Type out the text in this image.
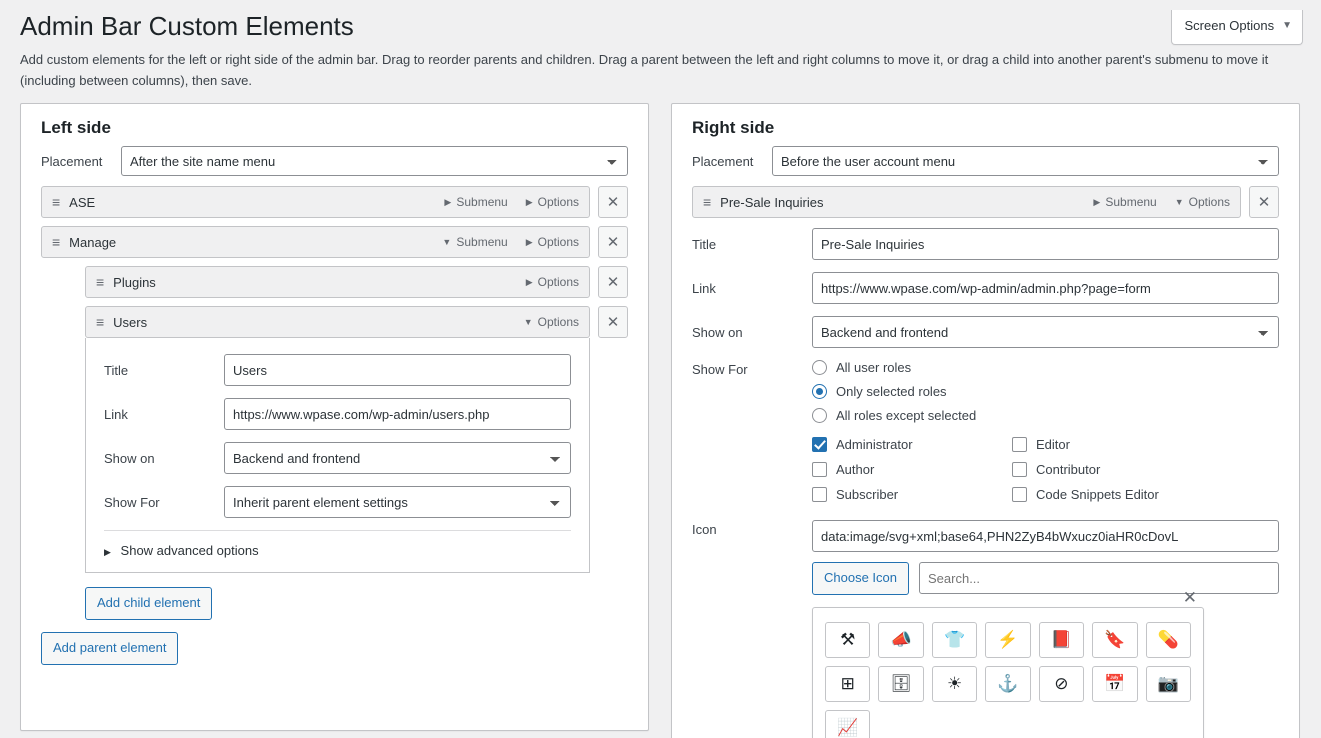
Screen Options ▼
Admin Bar Custom Elements

Add custom elements for the left or right side of the admin bar. Drag to reorder parents and children. Drag a parent between the left and right columns to move it, or drag a child into another parent's submenu to move it (including between columns), then save.

Left side
Placement
After the site name menu
≡ ASE	▶ Submenu ▶ Options ✕
≡ Manage	▼ Submenu ▶ Options ✕
≡ Plugins	▶ Options ✕
≡ Users	▼ Options ✕
Title
Users
Link
https://www.wpase.com/wp-admin/users.php
Show on
Backend and frontend
Show For
Inherit parent element settings
▶ Show advanced options
Add child element
Add parent element
Right side
Placement
Before the user account menu
≡ Pre-Sale Inquiries	▶ Submenu ▼ Options ✕
Title
Pre-Sale Inquiries
Link
https://www.wpase.com/wp-admin/admin.php?page=form
Show on
Backend and frontend
Show For	All user roles
Only selected roles
All roles except selected
Administrator	Editor
Author	Contributor
Subscriber	Code Snippets Editor
Icon
data:image/svg+xml;base64,PHN2ZyB4bWxucz0iaHR0cDovL
Choose Icon
Search...
✕
⚒	📣	👕	⚡	📕	🔖	💊
⊞	🗄	☀	⚓	⊘	📅	📷
📈
